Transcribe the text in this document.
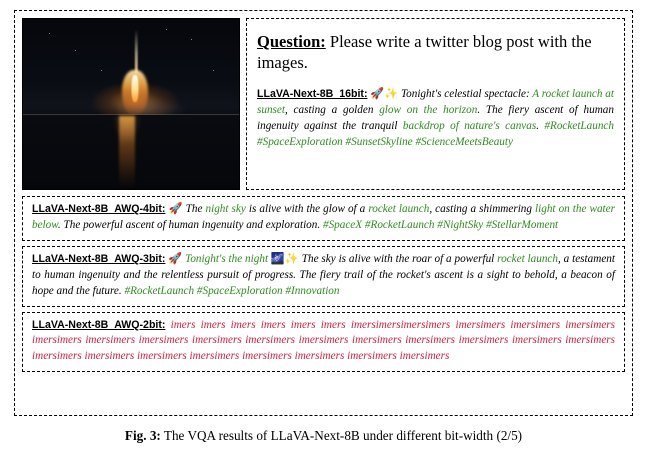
Question: Please write a twitter blog post with the images.
LLaVA-Next-8B_16bit: 🚀✨ Tonight's celestial spectacle: A rocket launch at sunset, casting a golden glow on the horizon. The fiery ascent of human ingenuity against the tranquil backdrop of nature's canvas. #RocketLaunch #SpaceExploration #SunsetSkyline #ScienceMeetsBeauty
LLaVA-Next-8B_AWQ-4bit: 🚀 The night sky is alive with the glow of a rocket launch, casting a shimmering light on the water below. The powerful ascent of human ingenuity and exploration. #SpaceX #RocketLaunch #NightSky #StellarMoment
LLaVA-Next-8B_AWQ-3bit: 🚀 Tonight's the night 🌌✨ The sky is alive with the roar of a powerful rocket launch, a testament to human ingenuity and the relentless pursuit of progress. The fiery trail of the rocket's ascent is a sight to behold, a beacon of hope and the future. #RocketLaunch #SpaceExploration #Innovation
LLaVA-Next-8B_AWQ-2bit: imers imers imers imers imers imers imersimersimersimers imersimers imersimers imersimers imersimers imersimers imersimers imersimers imersimers imersimers imersimers imersimers imersimers imersimers imersimers imersimers imersimers imersimers imersimers imersimers imersimers imersimers imersimers
Fig. 3: The VQA results of LLaVA-Next-8B under different bit-width (2/5)
